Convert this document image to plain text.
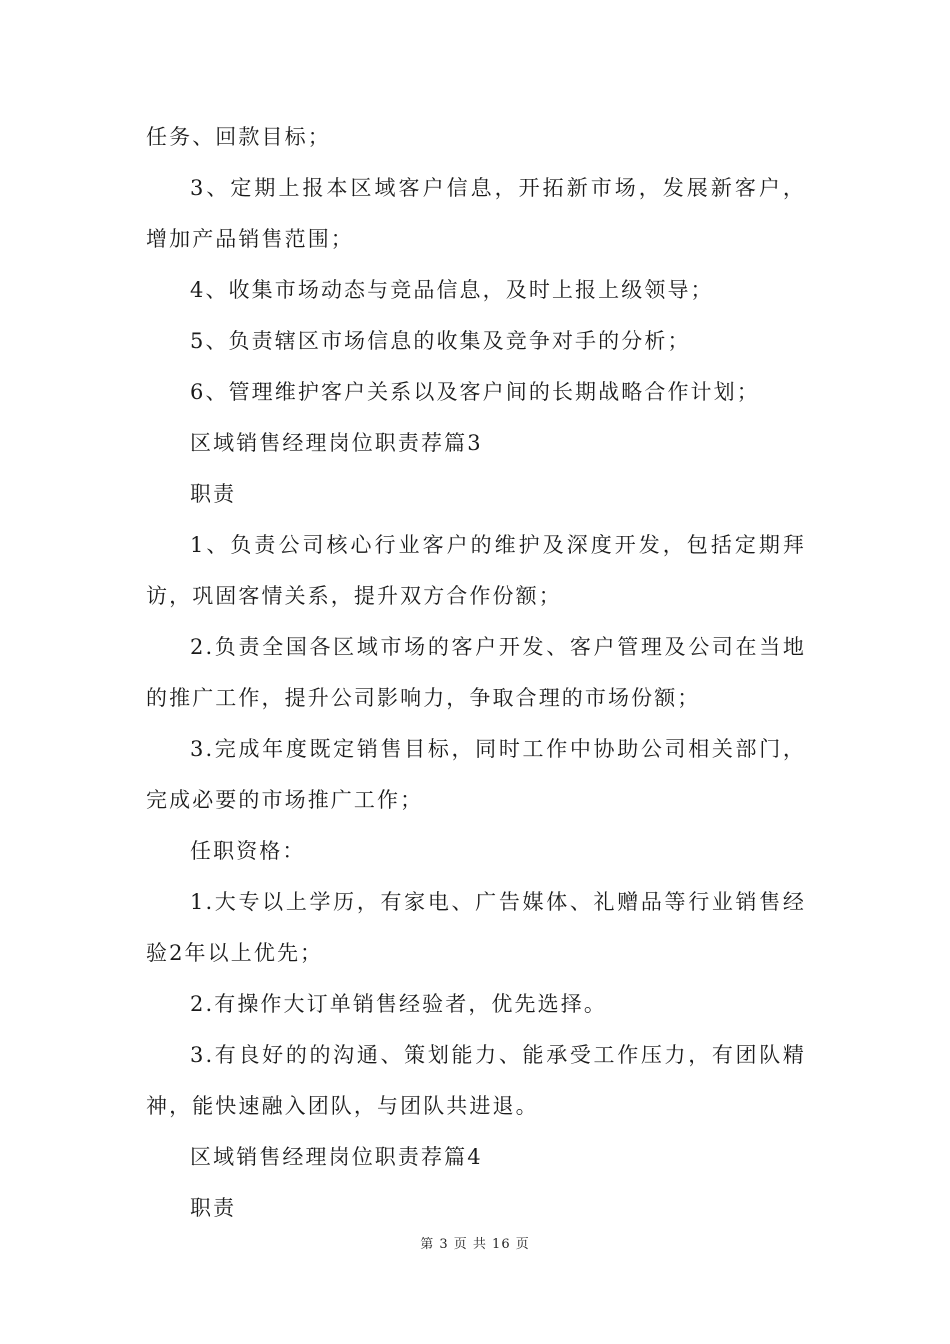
任务、回款目标；

3、定期上报本区域客户信息，开拓新市场，发展新客户，增加产品销售范围；

4、收集市场动态与竞品信息，及时上报上级领导；

5、负责辖区市场信息的收集及竞争对手的分析；

6、管理维护客户关系以及客户间的长期战略合作计划；

区域销售经理岗位职责荐篇3

职责

1、负责公司核心行业客户的维护及深度开发，包括定期拜访，巩固客情关系，提升双方合作份额；

2.负责全国各区域市场的客户开发、客户管理及公司在当地的推广工作，提升公司影响力，争取合理的市场份额；

3.完成年度既定销售目标，同时工作中协助公司相关部门，完成必要的市场推广工作；

任职资格：

1.大专以上学历，有家电、广告媒体、礼赠品等行业销售经验2年以上优先；

2.有操作大订单销售经验者，优先选择。

3.有良好的的沟通、策划能力、能承受工作压力，有团队精神，能快速融入团队，与团队共进退。

区域销售经理岗位职责荐篇4

职责

第 3 页 共 16 页
